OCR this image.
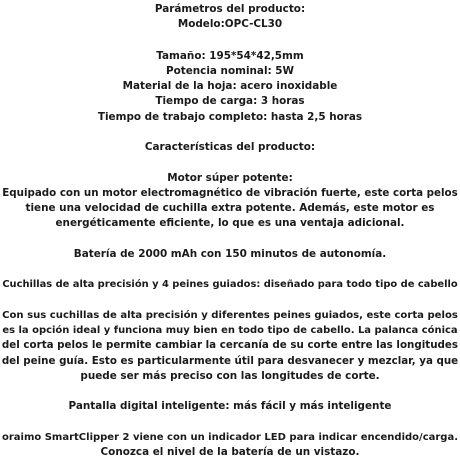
Parámetros del producto:
Modelo:OPC-CL30
Tamaño: 195*54*42,5mm
Potencia nominal: 5W
Material de la hoja: acero inoxidable
Tiempo de carga: 3 horas
Tiempo de trabajo completo: hasta 2,5 horas
Características del producto:
Motor súper potente:
Equipado con un motor electromagnético de vibración fuerte, este corta pelos
tiene una velocidad de cuchilla extra potente. Además, este motor es
energéticamente eficiente, lo que es una ventaja adicional.
Batería de 2000 mAh con 150 minutos de autonomía.
Cuchillas de alta precisión y 4 peines guiados: diseñado para todo tipo de cabello
Con sus cuchillas de alta precisión y diferentes peines guiados, este corta pelos
es la opción ideal y funciona muy bien en todo tipo de cabello. La palanca cónica
del corta pelos le permite cambiar la cercanía de su corte entre las longitudes
del peine guía. Esto es particularmente útil para desvanecer y mezclar, ya que
puede ser más preciso con las longitudes de corte.
Pantalla digital inteligente: más fácil y más inteligente
oraimo SmartClipper 2 viene con un indicador LED para indicar encendido/carga.
Conozca el nivel de la batería de un vistazo.
